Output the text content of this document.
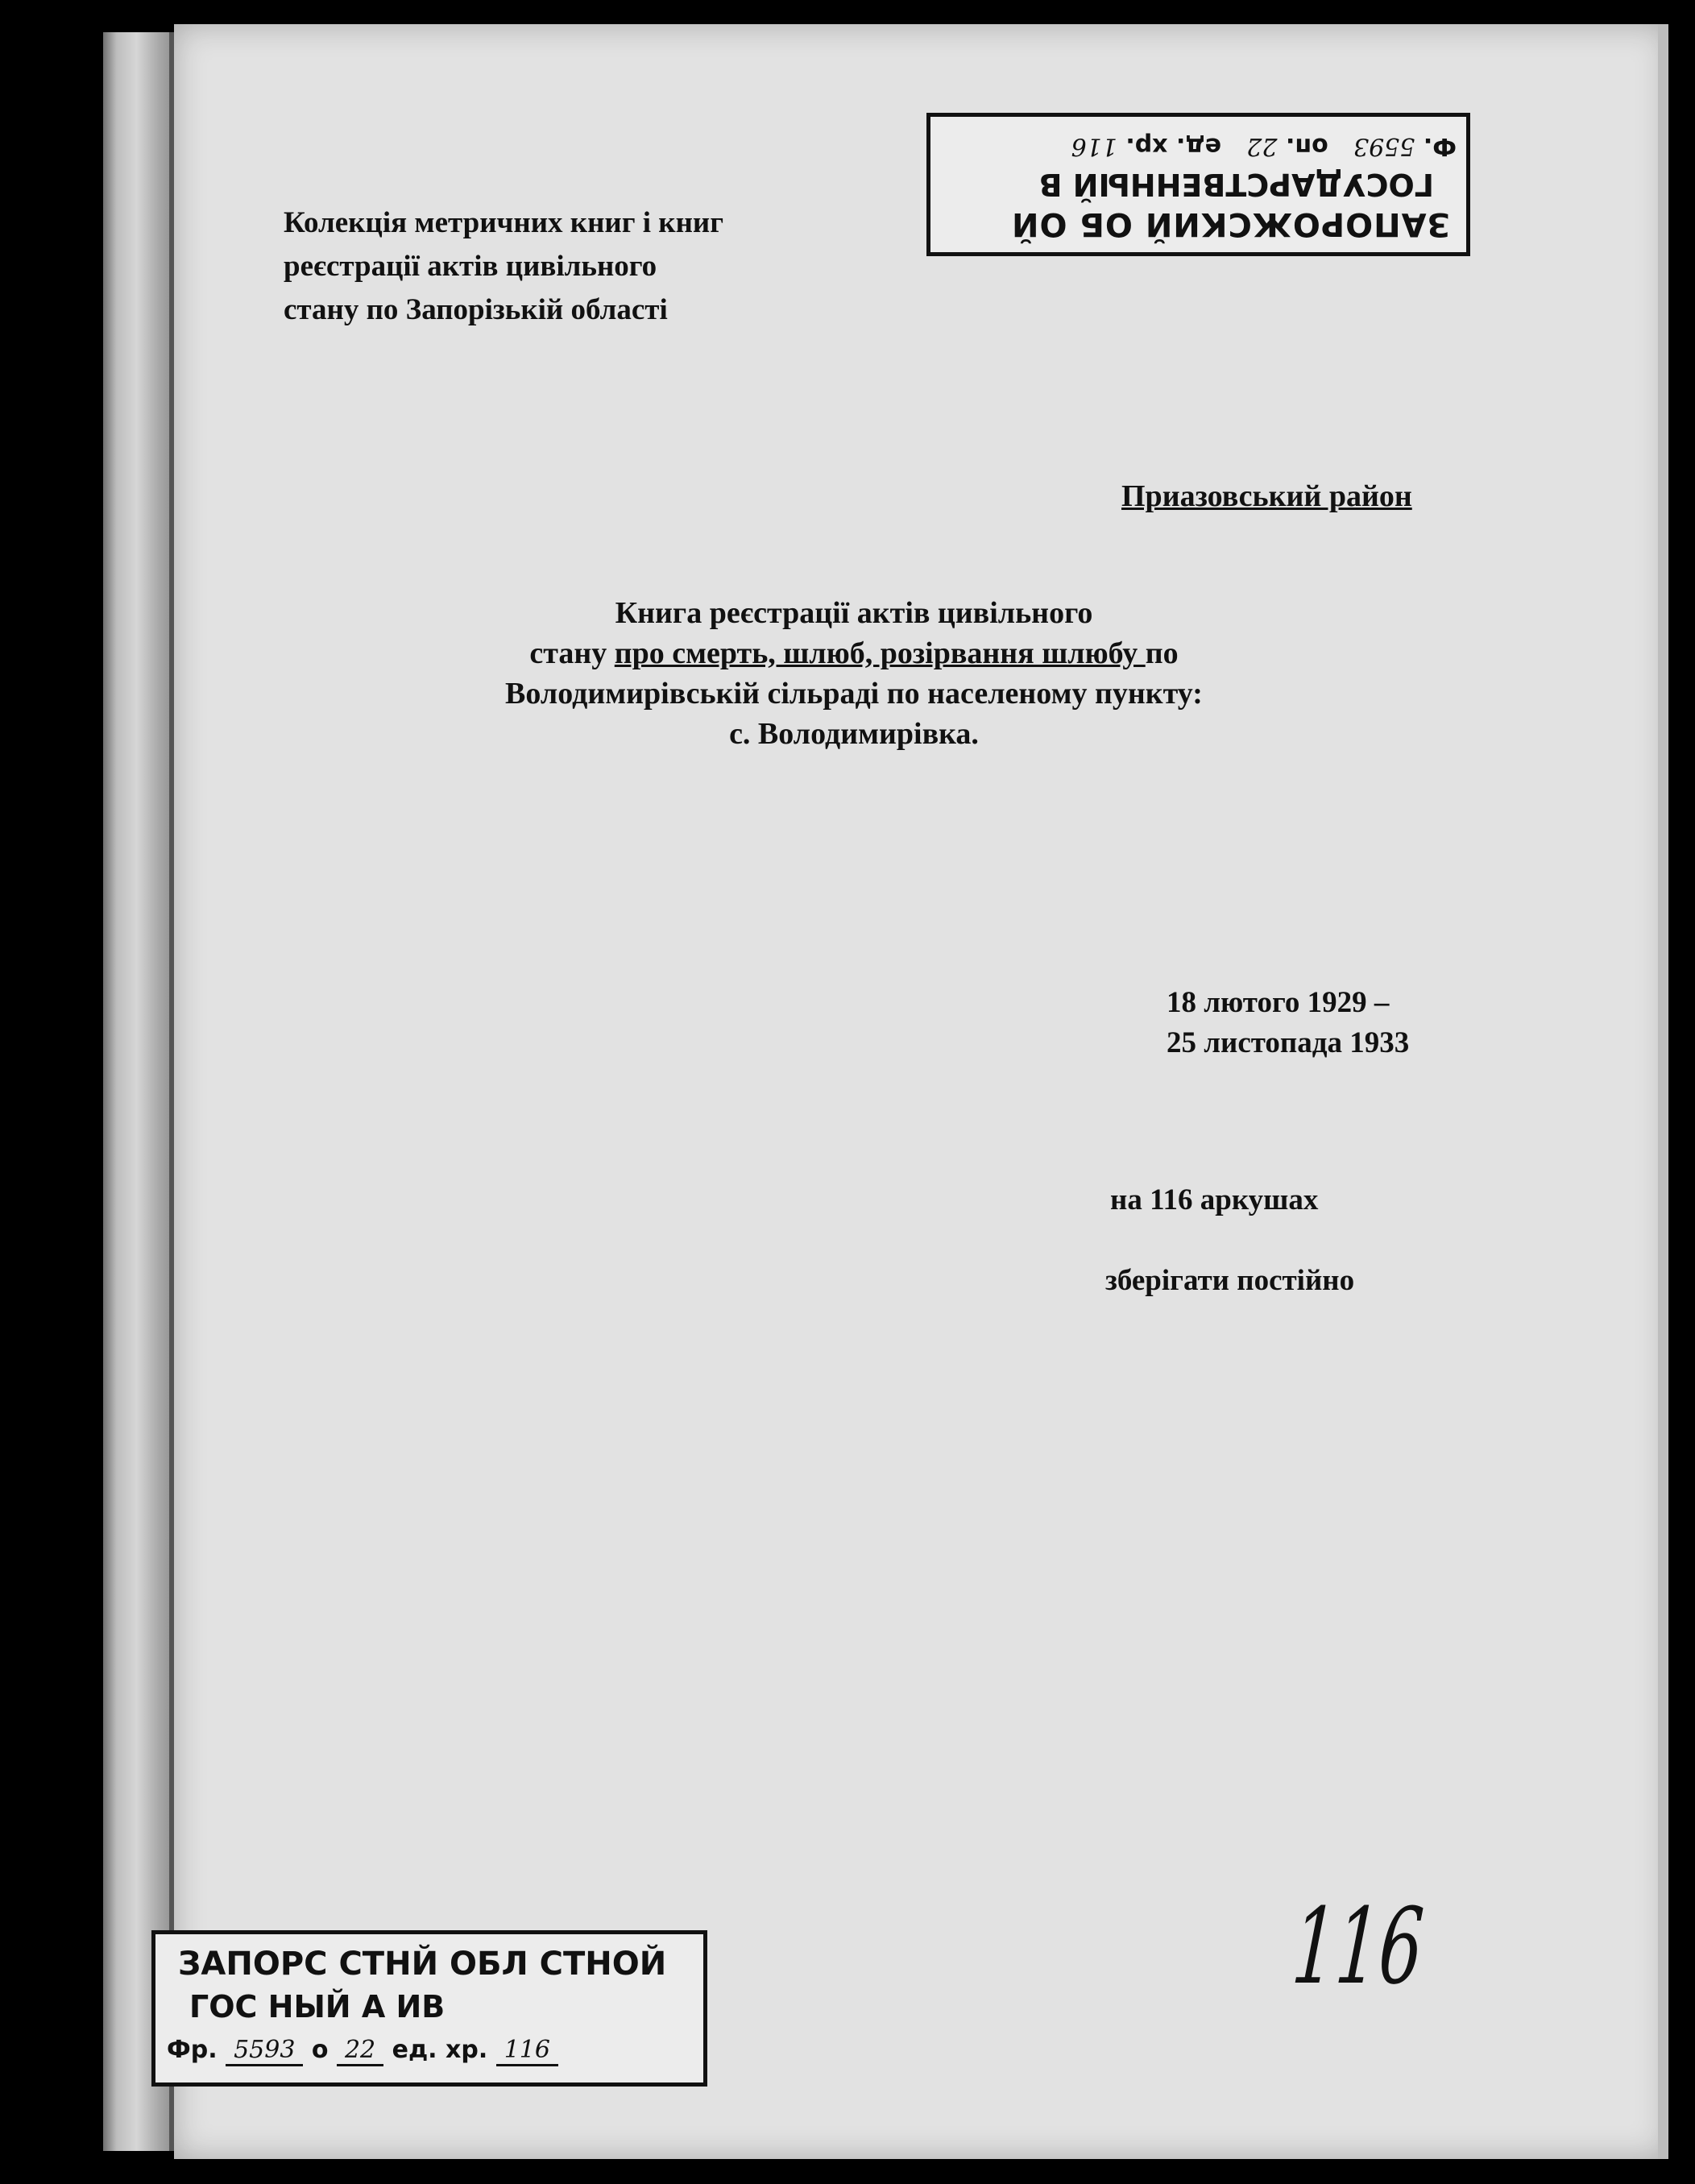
ЗАПОРОЖСКИЙ ОБ ОЙ
ГОСУДАРСТВЕННЫЙ В
Ф. 5593   оп. 22   ед. хр. 116
Колекція метричних книг і книг
реєстрації актів цивільного
стану по Запорізькій області
Приазовський район
Книга реєстрації актів цивільного
стану про смерть, шлюб, розірвання шлюбу по
Володимирівській сільраді по населеному пункту:
с. Володимирівка.
18 лютого 1929 –
25 листопада 1933
на 116 аркушах
зберігати постійно
116
ЗАПОРС СТНЙ ОБЛ СТНОЙ
ГОС НЫЙ А ИВ
Фр. 5593 о 22 ед. хр. 116
